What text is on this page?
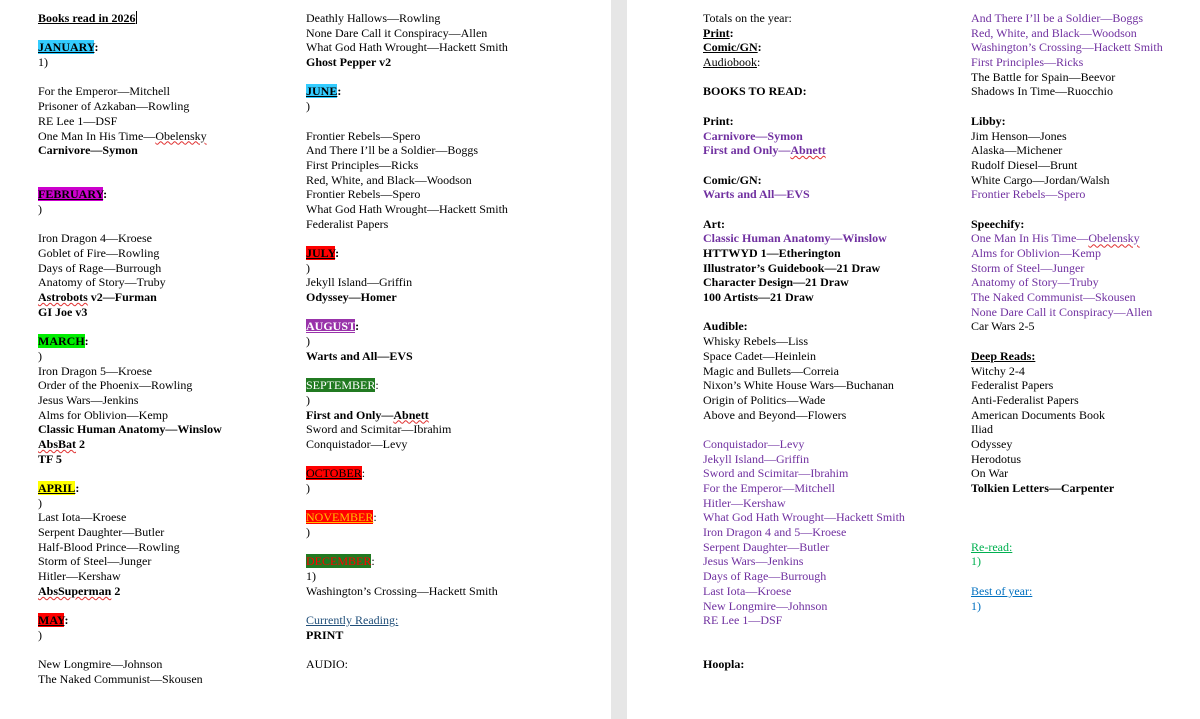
Books read in 2026
JANUARY:
1)
For the Emperor—Mitchell
Prisoner of Azkaban—Rowling
RE Lee 1—DSF
One Man In His Time—Obelensky
Carnivore—Symon
FEBRUARY:
)
Iron Dragon 4—Kroese
Goblet of Fire—Rowling
Days of Rage—Burrough
Anatomy of Story—Truby
Astrobots v2—Furman
GI Joe v3
MARCH:
)
Iron Dragon 5—Kroese
Order of the Phoenix—Rowling
Jesus Wars—Jenkins
Alms for Oblivion—Kemp
Classic Human Anatomy—Winslow
AbsBat 2
TF 5
APRIL:
)
Last Iota—Kroese
Serpent Daughter—Butler
Half-Blood Prince—Rowling
Storm of Steel—Junger
Hitler—Kershaw
AbsSuperman 2
MAY:
)
New Longmire—Johnson
The Naked Communist—Skousen
Deathly Hallows—Rowling
None Dare Call it Conspiracy—Allen
What God Hath Wrought—Hackett Smith
Ghost Pepper v2
JUNE:
)
Frontier Rebels—Spero
And There I’ll be a Soldier—Boggs
First Principles—Ricks
Red, White, and Black—Woodson
Frontier Rebels—Spero
What God Hath Wrought—Hackett Smith
Federalist Papers
JULY:
)
Jekyll Island—Griffin
Odyssey—Homer
AUGUST:
)
Warts and All—EVS
SEPTEMBER:
)
First and Only—Abnett
Sword and Scimitar—Ibrahim
Conquistador—Levy
OCTOBER:
)
NOVEMBER:
)
DECEMBER:
1)
Washington’s Crossing—Hackett Smith
Currently Reading:
PRINT
AUDIO:
Totals on the year:
Print:
Comic/GN:
Audiobook:
BOOKS TO READ:
Print:
Carnivore—Symon
First and Only—Abnett
Comic/GN:
Warts and All—EVS
Art:
Classic Human Anatomy—Winslow
HTTWYD 1—Etherington
Illustrator’s Guidebook—21 Draw
Character Design—21 Draw
100 Artists—21 Draw
Audible:
Whisky Rebels—Liss
Space Cadet—Heinlein
Magic and Bullets—Correia
Nixon’s White House Wars—Buchanan
Origin of Politics—Wade
Above and Beyond—Flowers
Conquistador—Levy
Jekyll Island—Griffin
Sword and Scimitar—Ibrahim
For the Emperor—Mitchell
Hitler—Kershaw
What God Hath Wrought—Hackett Smith
Iron Dragon 4 and 5—Kroese
Serpent Daughter—Butler
Jesus Wars—Jenkins
Days of Rage—Burrough
Last Iota—Kroese
New Longmire—Johnson
RE Lee 1—DSF
Hoopla:
And There I’ll be a Soldier—Boggs
Red, White, and Black—Woodson
Washington’s Crossing—Hackett Smith
First Principles—Ricks
The Battle for Spain—Beevor
Shadows In Time—Ruocchio
Libby:
Jim Henson—Jones
Alaska—Michener
Rudolf Diesel—Brunt
White Cargo—Jordan/Walsh
Frontier Rebels—Spero
Speechify:
One Man In His Time—Obelensky
Alms for Oblivion—Kemp
Storm of Steel—Junger
Anatomy of Story—Truby
The Naked Communist—Skousen
None Dare Call it Conspiracy—Allen
Car Wars 2-5
Deep Reads:
Witchy 2-4
Federalist Papers
Anti-Federalist Papers
American Documents Book
Iliad
Odyssey
Herodotus
On War
Tolkien Letters—Carpenter
Re-read:
1)
Best of year:
1)
